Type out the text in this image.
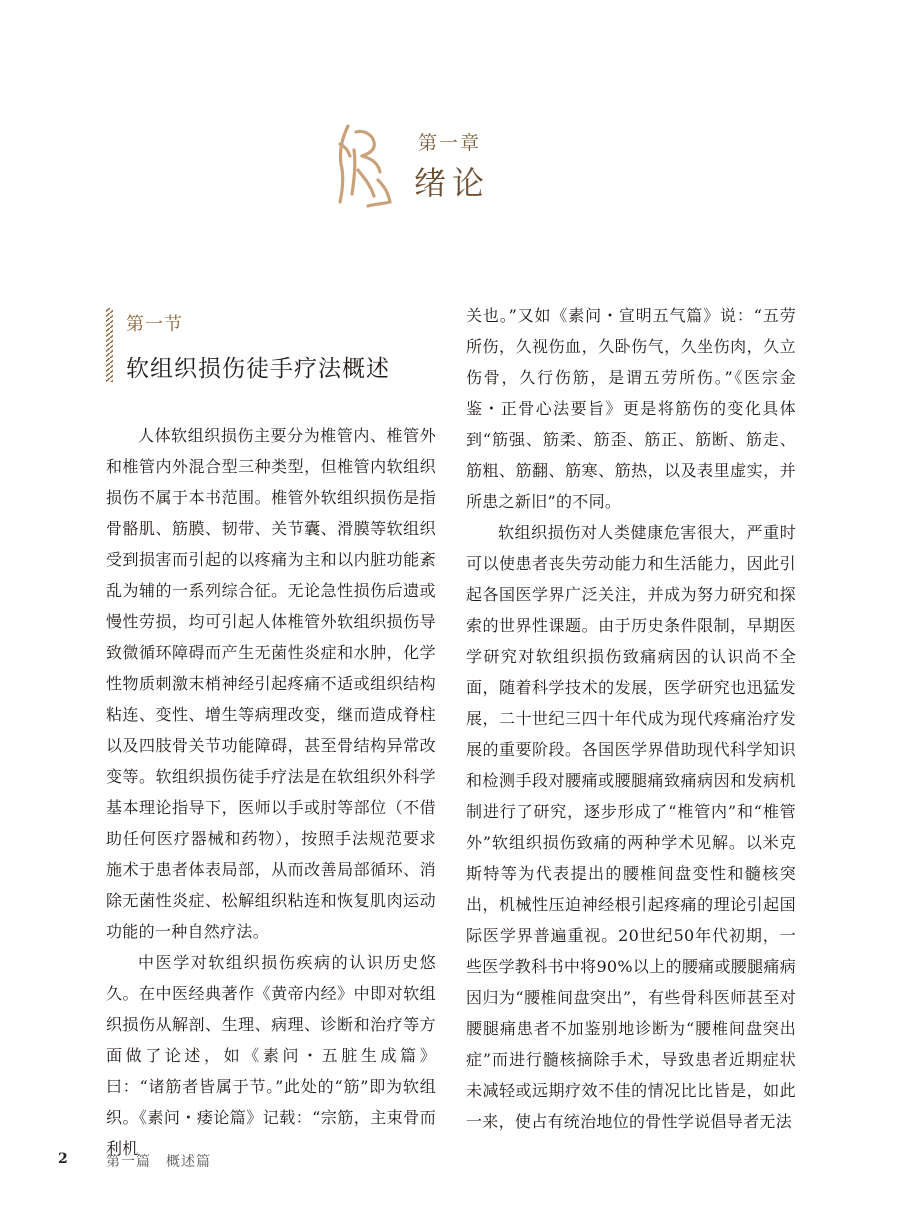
第一章
绪论
第一节
软组织损伤徒手疗法概述

人体软组织损伤主要分为椎管内、椎管外和椎管内外混合型三种类型，但椎管内软组织损伤不属于本书范围。椎管外软组织损伤是指骨骼肌、筋膜、韧带、关节囊、滑膜等软组织受到损害而引起的以疼痛为主和以内脏功能紊乱为辅的一系列综合征。无论急性损伤后遗或慢性劳损，均可引起人体椎管外软组织损伤导致微循环障碍而产生无菌性炎症和水肿，化学性物质刺激末梢神经引起疼痛不适或组织结构粘连、变性、增生等病理改变，继而造成脊柱以及四肢骨关节功能障碍，甚至骨结构异常改变等。软组织损伤徒手疗法是在软组织外科学基本理论指导下，医师以手或肘等部位（不借助任何医疗器械和药物），按照手法规范要求施术于患者体表局部，从而改善局部循环、消除无菌性炎症、松解组织粘连和恢复肌肉运动功能的一种自然疗法。

中医学对软组织损伤疾病的认识历史悠久。在中医经典著作《黄帝内经》中即对软组织损伤从解剖、生理、病理、诊断和治疗等方面做了论述，如《素问・五脏生成篇》曰：“诸筋者皆属于节。”此处的“筋”即为软组织。《素问・痿论篇》记载：“宗筋，主束骨而利机

关也。”又如《素问・宣明五气篇》说：“五劳所伤，久视伤血，久卧伤气，久坐伤肉，久立伤骨，久行伤筋，是谓五劳所伤。”《医宗金鉴・正骨心法要旨》更是将筋伤的变化具体到“筋强、筋柔、筋歪、筋正、筋断、筋走、筋粗、筋翻、筋寒、筋热，以及表里虚实，并所患之新旧”的不同。

软组织损伤对人类健康危害很大，严重时可以使患者丧失劳动能力和生活能力，因此引起各国医学界广泛关注，并成为努力研究和探索的世界性课题。由于历史条件限制，早期医学研究对软组织损伤致痛病因的认识尚不全面，随着科学技术的发展，医学研究也迅猛发展，二十世纪三四十年代成为现代疼痛治疗发展的重要阶段。各国医学界借助现代科学知识和检测手段对腰痛或腰腿痛致痛病因和发病机制进行了研究，逐步形成了“椎管内”和“椎管外”软组织损伤致痛的两种学术见解。以米克斯特等为代表提出的腰椎间盘变性和髓核突出，机械性压迫神经根引起疼痛的理论引起国际医学界普遍重视。20世纪50年代初期，一些医学教科书中将90%以上的腰痛或腰腿痛病因归为“腰椎间盘突出”，有些骨科医师甚至对腰腿痛患者不加鉴别地诊断为“腰椎间盘突出症”而进行髓核摘除手术，导致患者近期症状未减轻或远期疗效不佳的情况比比皆是，如此一来，使占有统治地位的骨性学说倡导者无法

2	第一篇　概述篇
